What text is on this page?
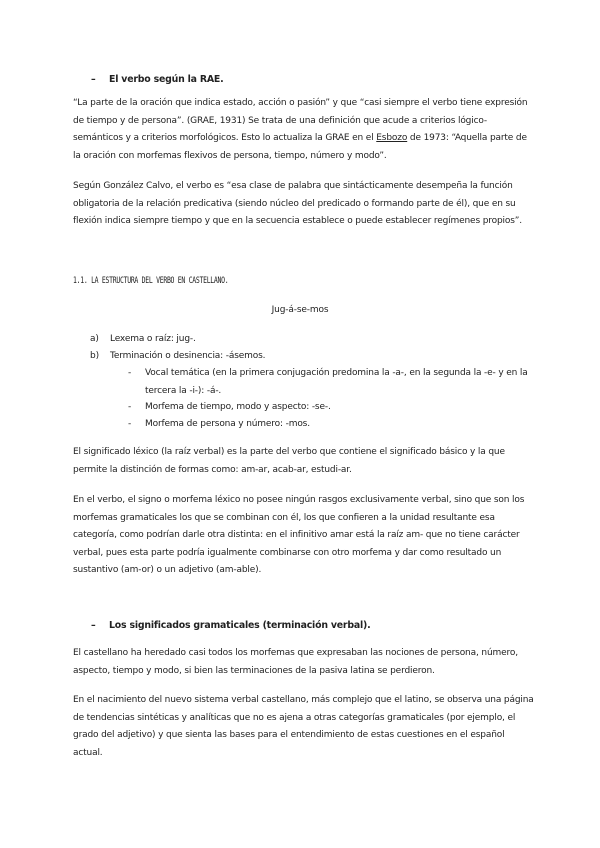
– El verbo según la RAE.
“La parte de la oración que indica estado, acción o pasión” y que “casi siempre el verbo tiene expresión de tiempo y de persona”. (GRAE, 1931) Se trata de una definición que acude a criterios lógico-semánticos y a criterios morfológicos. Esto lo actualiza la GRAE en el Esbozo de 1973: “Aquella parte de la oración con morfemas flexivos de persona, tiempo, número y modo”.
Según González Calvo, el verbo es “esa clase de palabra que sintácticamente desempeña la función obligatoria de la relación predicativa (siendo núcleo del predicado o formando parte de él), que en su flexión indica siempre tiempo y que en la secuencia establece o puede establecer regímenes propios”.
1.1. LA ESTRUCTURA DEL VERBO EN CASTELLANO.
Jug-á-se-mos
a) Lexema o raíz: jug-.
b) Terminación o desinencia: -ásemos.
- Vocal temática (en la primera conjugación predomina la -a-, en la segunda la -e- y en la tercera la -i-): -á-.
- Morfema de tiempo, modo y aspecto: -se-.
- Morfema de persona y número: -mos.
El significado léxico (la raíz verbal) es la parte del verbo que contiene el significado básico y la que permite la distinción de formas como: am-ar, acab-ar, estudi-ar.
En el verbo, el signo o morfema léxico no posee ningún rasgos exclusivamente verbal, sino que son los morfemas gramaticales los que se combinan con él, los que confieren a la unidad resultante esa categoría, como podrían darle otra distinta: en el infinitivo amar está la raíz am- que no tiene carácter verbal, pues esta parte podría igualmente combinarse con otro morfema y dar como resultado un sustantivo (am-or) o un adjetivo (am-able).
– Los significados gramaticales (terminación verbal).
El castellano ha heredado casi todos los morfemas que expresaban las nociones de persona, número, aspecto, tiempo y modo, si bien las terminaciones de la pasiva latina se perdieron.
En el nacimiento del nuevo sistema verbal castellano, más complejo que el latino, se observa una página de tendencias sintéticas y analíticas que no es ajena a otras categorías gramaticales (por ejemplo, el grado del adjetivo) y que sienta las bases para el entendimiento de estas cuestiones en el español actual.
